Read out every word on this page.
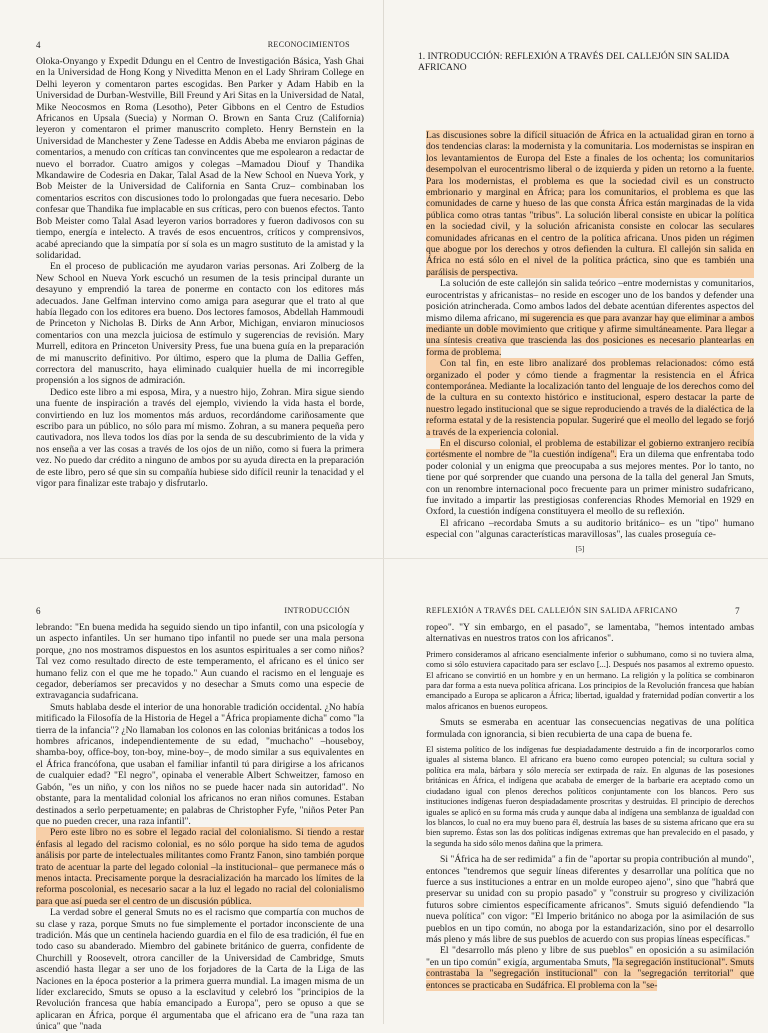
4	RECONOCIMIENTOS

Oloka-Onyango y Expedit Ddungu en el Centro de Investigación Básica, Yash Ghai en la Universidad de Hong Kong y Niveditta Menon en el Lady Shriram College en Delhi leyeron y comentaron partes escogidas. Ben Parker y Adam Habib en la Universidad de Durban-Westville, Bill Freund y Ari Sitas en la Universidad de Natal, Mike Neocosmos en Roma (Lesotho), Peter Gibbons en el Centro de Estudios Africanos en Upsala (Suecia) y Norman O. Brown en Santa Cruz (California) leyeron y comentaron el primer manuscrito completo. Henry Bernstein en la Universidad de Manchester y Zene Tadesse en Addis Abeba me enviaron páginas de comentarios, a menudo con críticas tan convincentes que me espolearon a redactar de nuevo el borrador. Cuatro amigos y colegas –Mamadou Diouf y Thandika Mkandawire de Codesria en Dakar, Talal Asad de la New School en Nueva York, y Bob Meister de la Universidad de California en Santa Cruz– combinaban los comentarios escritos con discusiones todo lo prolongadas que fuera necesario. Debo confesar que Thandika fue implacable en sus críticas, pero con buenos efectos. Tanto Bob Meister como Talal Asad leyeron varios borradores y fueron dadivosos con su tiempo, energía e intelecto. A través de esos encuentros, críticos y comprensivos, acabé apreciando que la simpatía por sí sola es un magro sustituto de la amistad y la solidaridad.

En el proceso de publicación me ayudaron varias personas. Ari Zolberg de la New School en Nueva York escuchó un resumen de la tesis principal durante un desayuno y emprendió la tarea de ponerme en contacto con los editores más adecuados. Jane Gelfman intervino como amiga para asegurar que el trato al que había llegado con los editores era bueno. Dos lectores famosos, Abdellah Hammoudi de Princeton y Nicholas B. Dirks de Ann Arbor, Michigan, enviaron minuciosos comentarios con una mezcla juiciosa de estímulo y sugerencias de revisión. Mary Murrell, editora en Princeton University Press, fue una buena guía en la preparación de mi manuscrito definitivo. Por último, espero que la pluma de Dallia Geffen, correctora del manuscrito, haya eliminado cualquier huella de mi incorregible propensión a los signos de admiración.

Dedico este libro a mi esposa, Mira, y a nuestro hijo, Zohran. Mira sigue siendo una fuente de inspiración a través del ejemplo, viviendo la vida hasta el borde, convirtiendo en luz los momentos más arduos, recordándome cariñosamente que escribo para un público, no sólo para mí mismo. Zohran, a su manera pequeña pero cautivadora, nos lleva todos los días por la senda de su descubrimiento de la vida y nos enseña a ver las cosas a través de los ojos de un niño, como si fuera la primera vez. No puedo dar crédito a ninguno de ambos por su ayuda directa en la preparación de este libro, pero sé que sin su compañía hubiese sido difícil reunir la tenacidad y el vigor para finalizar este trabajo y disfrutarlo.

1. INTRODUCCIÓN: REFLEXIÓN A TRAVÉS DEL CALLEJÓN SIN SALIDA AFRICANO

Las discusiones sobre la difícil situación de África en la actualidad giran en torno a dos tendencias claras: la modernista y la comunitaria. Los modernistas se inspiran en los levantamientos de Europa del Este a finales de los ochenta; los comunitarios desempolvan el eurocentrismo liberal o de izquierda y piden un retorno a la fuente. Para los modernistas, el problema es que la sociedad civil es un constructo embrionario y marginal en África; para los comunitarios, el problema es que las comunidades de carne y hueso de las que consta África están marginadas de la vida pública como otras tantas "tribus". La solución liberal consiste en ubicar la política en la sociedad civil, y la solución africanista consiste en colocar las seculares comunidades africanas en el centro de la política africana. Unos piden un régimen que abogue por los derechos y otros defienden la cultura. El callejón sin salida en África no está sólo en el nivel de la política práctica, sino que es también una parálisis de perspectiva.

La solución de este callejón sin salida teórico –entre modernistas y comunitarios, eurocentristas y africanistas– no reside en escoger uno de los bandos y defender una posición atrincherada. Como ambos lados del debate acentúan diferentes aspectos del mismo dilema africano, mi sugerencia es que para avanzar hay que eliminar a ambos mediante un doble movimiento que critique y afirme simultáneamente. Para llegar a una síntesis creativa que trascienda las dos posiciones es necesario plantearlas en forma de problema.

Con tal fin, en este libro analizaré dos problemas relacionados: cómo está organizado el poder y cómo tiende a fragmentar la resistencia en el África contemporánea. Mediante la localización tanto del lenguaje de los derechos como del de la cultura en su contexto histórico e institucional, espero destacar la parte de nuestro legado institucional que se sigue reproduciendo a través de la dialéctica de la reforma estatal y de la resistencia popular. Sugeriré que el meollo del legado se forjó a través de la experiencia colonial.

En el discurso colonial, el problema de estabilizar el gobierno extranjero recibía cortésmente el nombre de "la cuestión indígena". Era un dilema que enfrentaba todo poder colonial y un enigma que preocupaba a sus mejores mentes. Por lo tanto, no tiene por qué sorprender que cuando una persona de la talla del general Jan Smuts, con un renombre internacional poco frecuente para un primer ministro sudafricano, fue invitado a impartir las prestigiosas conferencias Rhodes Memorial en 1929 en Oxford, la cuestión indígena constituyera el meollo de su reflexión.

El africano –recordaba Smuts a su auditorio británico– es un "tipo" humano especial con "algunas características maravillosas", las cuales proseguía ce-

[5]
6	INTRODUCCIÓN

lebrando: "En buena medida ha seguido siendo un tipo infantil, con una psicología y un aspecto infantiles. Un ser humano tipo infantil no puede ser una mala persona porque, ¿no nos mostramos dispuestos en los asuntos espirituales a ser como niños? Tal vez como resultado directo de este temperamento, el africano es el único ser humano feliz con el que me he topado." Aun cuando el racismo en el lenguaje es cegador, deberíamos ser precavidos y no desechar a Smuts como una especie de extravagancia sudafricana.

Smuts hablaba desde el interior de una honorable tradición occidental. ¿No había mitificado la Filosofía de la Historia de Hegel a "África propiamente dicha" como "la tierra de la infancia"? ¿No llamaban los colonos en las colonias británicas a todos los hombres africanos, independientemente de su edad, "muchacho" –houseboy, shamba-boy, office-boy, ton-boy, mine-boy–, de modo similar a sus equivalentes en el África francófona, que usaban el familiar infantil tú para dirigirse a los africanos de cualquier edad? "El negro", opinaba el venerable Albert Schweitzer, famoso en Gabón, "es un niño, y con los niños no se puede hacer nada sin autoridad". No obstante, para la mentalidad colonial los africanos no eran niños comunes. Estaban destinados a serlo perpetuamente; en palabras de Christopher Fyfe, "niños Peter Pan que no pueden crecer, una raza infantil".

Pero este libro no es sobre el legado racial del colonialismo. Si tiendo a restar énfasis al legado del racismo colonial, es no sólo porque ha sido tema de agudos análisis por parte de intelectuales militantes como Frantz Fanon, sino también porque trato de acentuar la parte del legado colonial –la institucional– que permanece más o menos intacta. Precisamente porque la desracialización ha marcado los límites de la reforma poscolonial, es necesario sacar a la luz el legado no racial del colonialismo para que así pueda ser el centro de un discusión pública.

La verdad sobre el general Smuts no es el racismo que compartía con muchos de su clase y raza, porque Smuts no fue simplemente el portador inconsciente de una tradición. Más que un centinela haciendo guardia en el filo de esa tradición, él fue en todo caso su abanderado. Miembro del gabinete británico de guerra, confidente de Churchill y Roosevelt, otrora canciller de la Universidad de Cambridge, Smuts ascendió hasta llegar a ser uno de los forjadores de la Carta de la Liga de las Naciones en la época posterior a la primera guerra mundial. La imagen misma de un líder exclarecido, Smuts se opuso a la esclavitud y celebró los "principios de la Revolución francesa que había emancipado a Europa", pero se opuso a que se aplicaran en África, porque él argumentaba que el africano era de "una raza tan única" que "nada

REFLEXIÓN A TRAVÉS DEL CALLEJÓN SIN SALIDA AFRICANO	7

ropeo". "Y sin embargo, en el pasado", se lamentaba, "hemos intentado ambas alternativas en nuestros tratos con los africanos".

Primero consideramos al africano esencialmente inferior o subhumano, como si no tuviera alma, como si sólo estuviera capacitado para ser esclavo [...]. Después nos pasamos al extremo opuesto. El africano se convirtió en un hombre y en un hermano. La religión y la política se combinaron para dar forma a esta nueva política africana. Los principios de la Revolución francesa que habían emancipado a Europa se aplicaron a África; libertad, igualdad y fraternidad podían convertir a los malos africanos en buenos europeos.

Smuts se esmeraba en acentuar las consecuencias negativas de una política formulada con ignorancia, si bien recubierta de una capa de buena fe.

El sistema político de los indígenas fue despiadadamente destruido a fin de incorporarlos como iguales al sistema blanco. El africano era bueno como europeo potencial; su cultura social y política era mala, bárbara y sólo merecía ser extirpada de raíz. En algunas de las posesiones británicas en África, el indígena que acababa de emerger de la barbarie era aceptado como un ciudadano igual con plenos derechos políticos conjuntamente con los blancos. Pero sus instituciones indígenas fueron despiadadamente proscritas y destruidas. El principio de derechos iguales se aplicó en su forma más cruda y aunque daba al indígena una semblanza de igualdad con los blancos, lo cual no era muy bueno para él, destruía las bases de su sistema africano que era su bien supremo. Éstas son las dos políticas indígenas extremas que han prevalecido en el pasado, y la segunda ha sido sólo menos dañina que la primera.

Si "África ha de ser redimida" a fin de "aportar su propia contribución al mundo", entonces "tendremos que seguir líneas diferentes y desarrollar una política que no fuerce a sus instituciones a entrar en un molde europeo ajeno", sino que "habrá que preservar su unidad con su propio pasado" y "construir su progreso y civilización futuros sobre cimientos específicamente africanos". Smuts siguió defendiendo "la nueva política" con vigor: "El Imperio británico no aboga por la asimilación de sus pueblos en un tipo común, no aboga por la estandarización, sino por el desarrollo más pleno y más libre de sus pueblos de acuerdo con sus propias líneas específicas."

El "desarrollo más pleno y libre de sus pueblos" en oposición a su asimilación "en un tipo común" exigía, argumentaba Smuts, "la segregación institucional". Smuts contrastaba la "segregación institucional" con la "segregación territorial" que entonces se practicaba en Sudáfrica. El problema con la "se-
